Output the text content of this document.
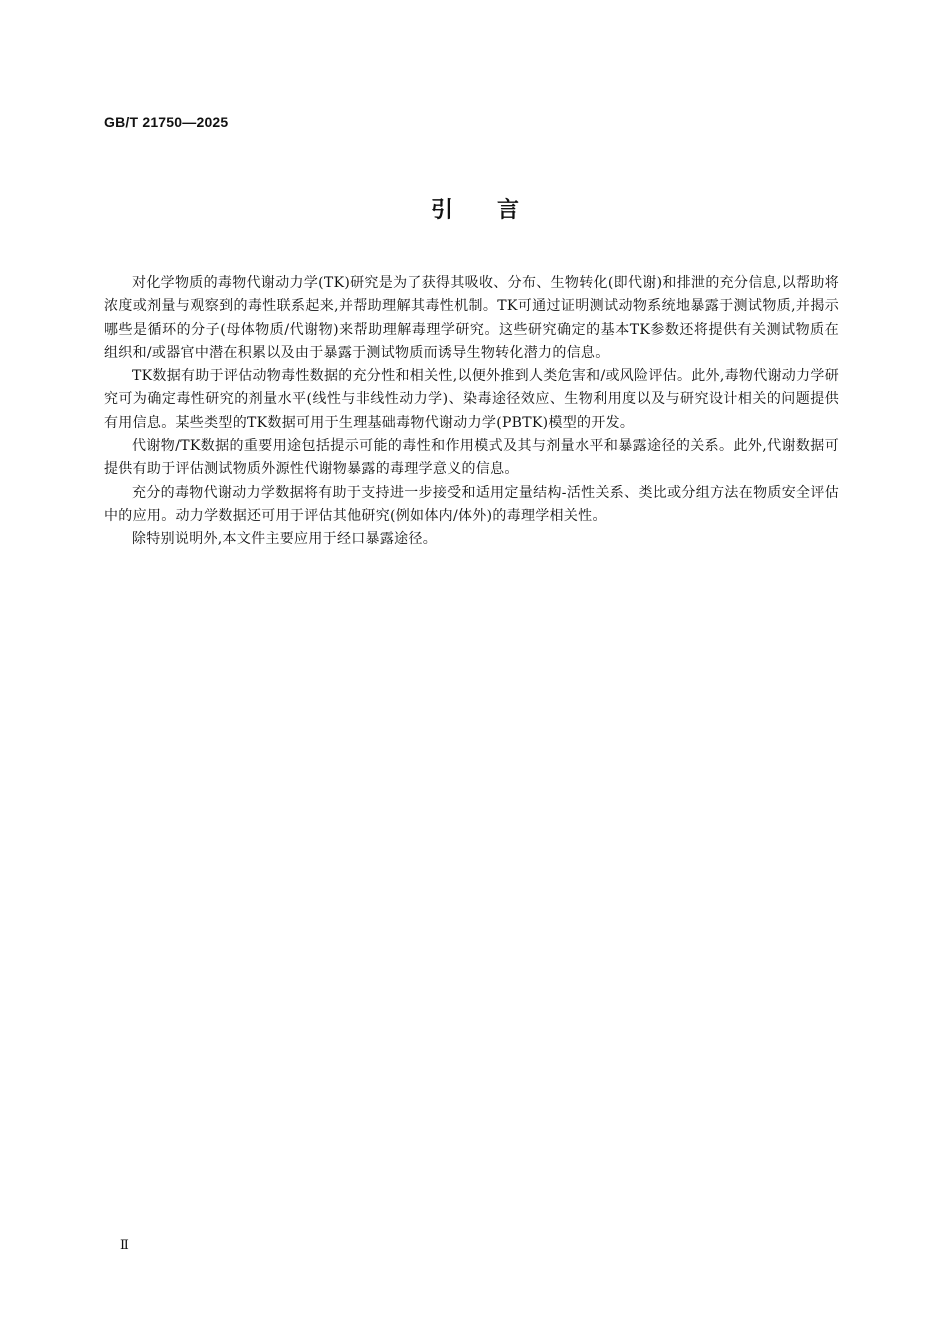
GB/T 21750—2025

引言

对化学物质的毒物代谢动力学(TK)研究是为了获得其吸收、分布、生物转化(即代谢)和排泄的充分信息,以帮助将浓度或剂量与观察到的毒性联系起来,并帮助理解其毒性机制。TK可通过证明测试动物系统地暴露于测试物质,并揭示哪些是循环的分子(母体物质/代谢物)来帮助理解毒理学研究。这些研究确定的基本TK参数还将提供有关测试物质在组织和/或器官中潜在积累以及由于暴露于测试物质而诱导生物转化潜力的信息。

TK数据有助于评估动物毒性数据的充分性和相关性,以便外推到人类危害和/或风险评估。此外,毒物代谢动力学研究可为确定毒性研究的剂量水平(线性与非线性动力学)、染毒途径效应、生物利用度以及与研究设计相关的问题提供有用信息。某些类型的TK数据可用于生理基础毒物代谢动力学(PBTK)模型的开发。

代谢物/TK数据的重要用途包括提示可能的毒性和作用模式及其与剂量水平和暴露途径的关系。此外,代谢数据可提供有助于评估测试物质外源性代谢物暴露的毒理学意义的信息。

充分的毒物代谢动力学数据将有助于支持进一步接受和适用定量结构-活性关系、类比或分组方法在物质安全评估中的应用。动力学数据还可用于评估其他研究(例如体内/体外)的毒理学相关性。

除特别说明外,本文件主要应用于经口暴露途径。

Ⅱ
